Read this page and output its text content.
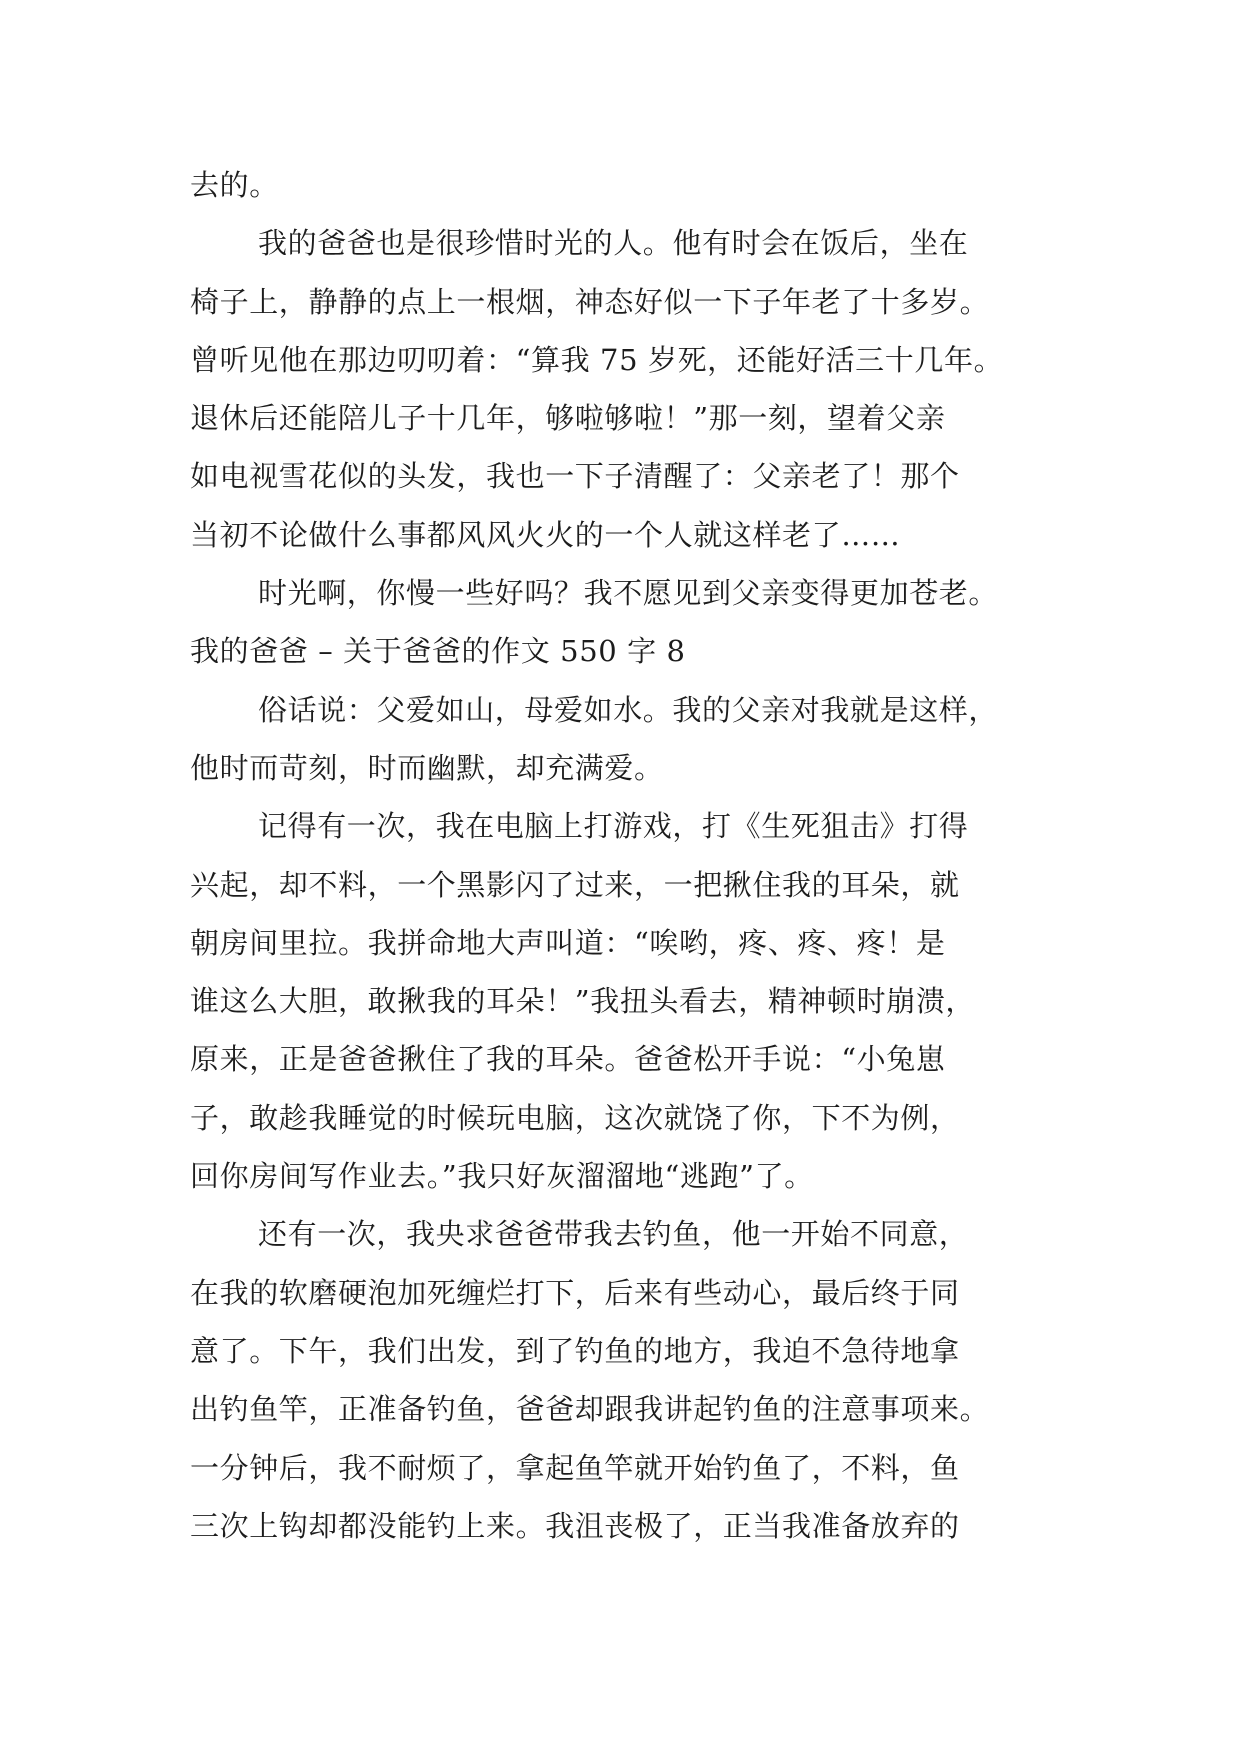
去的。
我的爸爸也是很珍惜时光的人。他有时会在饭后，坐在
椅子上，静静的点上一根烟，神态好似一下子年老了十多岁。
曾听见他在那边叨叨着：“算我 75 岁死，还能好活三十几年。
退休后还能陪儿子十几年，够啦够啦！”那一刻，望着父亲
如电视雪花似的头发，我也一下子清醒了：父亲老了！那个
当初不论做什么事都风风火火的一个人就这样老了……
时光啊，你慢一些好吗？我不愿见到父亲变得更加苍老。
我的爸爸 – 关于爸爸的作文 550 字 8
俗话说：父爱如山，母爱如水。我的父亲对我就是这样，
他时而苛刻，时而幽默，却充满爱。
记得有一次，我在电脑上打游戏，打《生死狙击》打得
兴起，却不料，一个黑影闪了过来，一把揪住我的耳朵，就
朝房间里拉。我拼命地大声叫道：“唉哟，疼、疼、疼！是
谁这么大胆，敢揪我的耳朵！”我扭头看去，精神顿时崩溃，
原来，正是爸爸揪住了我的耳朵。爸爸松开手说：“小兔崽
子，敢趁我睡觉的时候玩电脑，这次就饶了你，下不为例，
回你房间写作业去。”我只好灰溜溜地“逃跑”了。
还有一次，我央求爸爸带我去钓鱼，他一开始不同意，
在我的软磨硬泡加死缠烂打下，后来有些动心，最后终于同
意了。下午，我们出发，到了钓鱼的地方，我迫不急待地拿
出钓鱼竿，正准备钓鱼，爸爸却跟我讲起钓鱼的注意事项来。
一分钟后，我不耐烦了，拿起鱼竿就开始钓鱼了，不料，鱼
三次上钩却都没能钓上来。我沮丧极了，正当我准备放弃的
